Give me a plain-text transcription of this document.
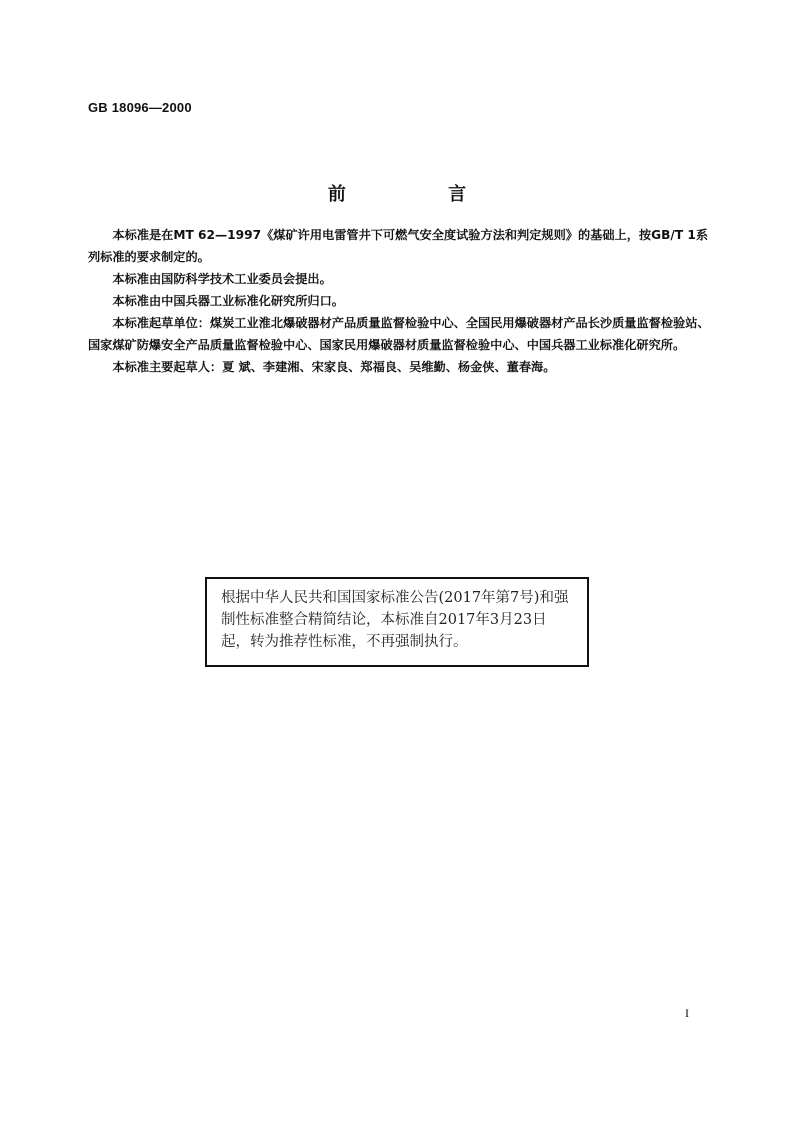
GB 18096—2000
前 言

本标准是在MT 62—1997《煤矿许用电雷管井下可燃气安全度试验方法和判定规则》的基础上，按GB/T 1系列标准的要求制定的。

本标准由国防科学技术工业委员会提出。

本标准由中国兵器工业标准化研究所归口。

本标准起草单位：煤炭工业淮北爆破器材产品质量监督检验中心、全国民用爆破器材产品长沙质量监督检验站、国家煤矿防爆安全产品质量监督检验中心、国家民用爆破器材质量监督检验中心、中国兵器工业标准化研究所。

本标准主要起草人：夏 斌、李建湘、宋家良、郑福良、吴维勤、杨金侠、董春海。

根据中华人民共和国国家标准公告(2017年第7号)和强制性标准整合精简结论，本标准自2017年3月23日起，转为推荐性标准，不再强制执行。
I
